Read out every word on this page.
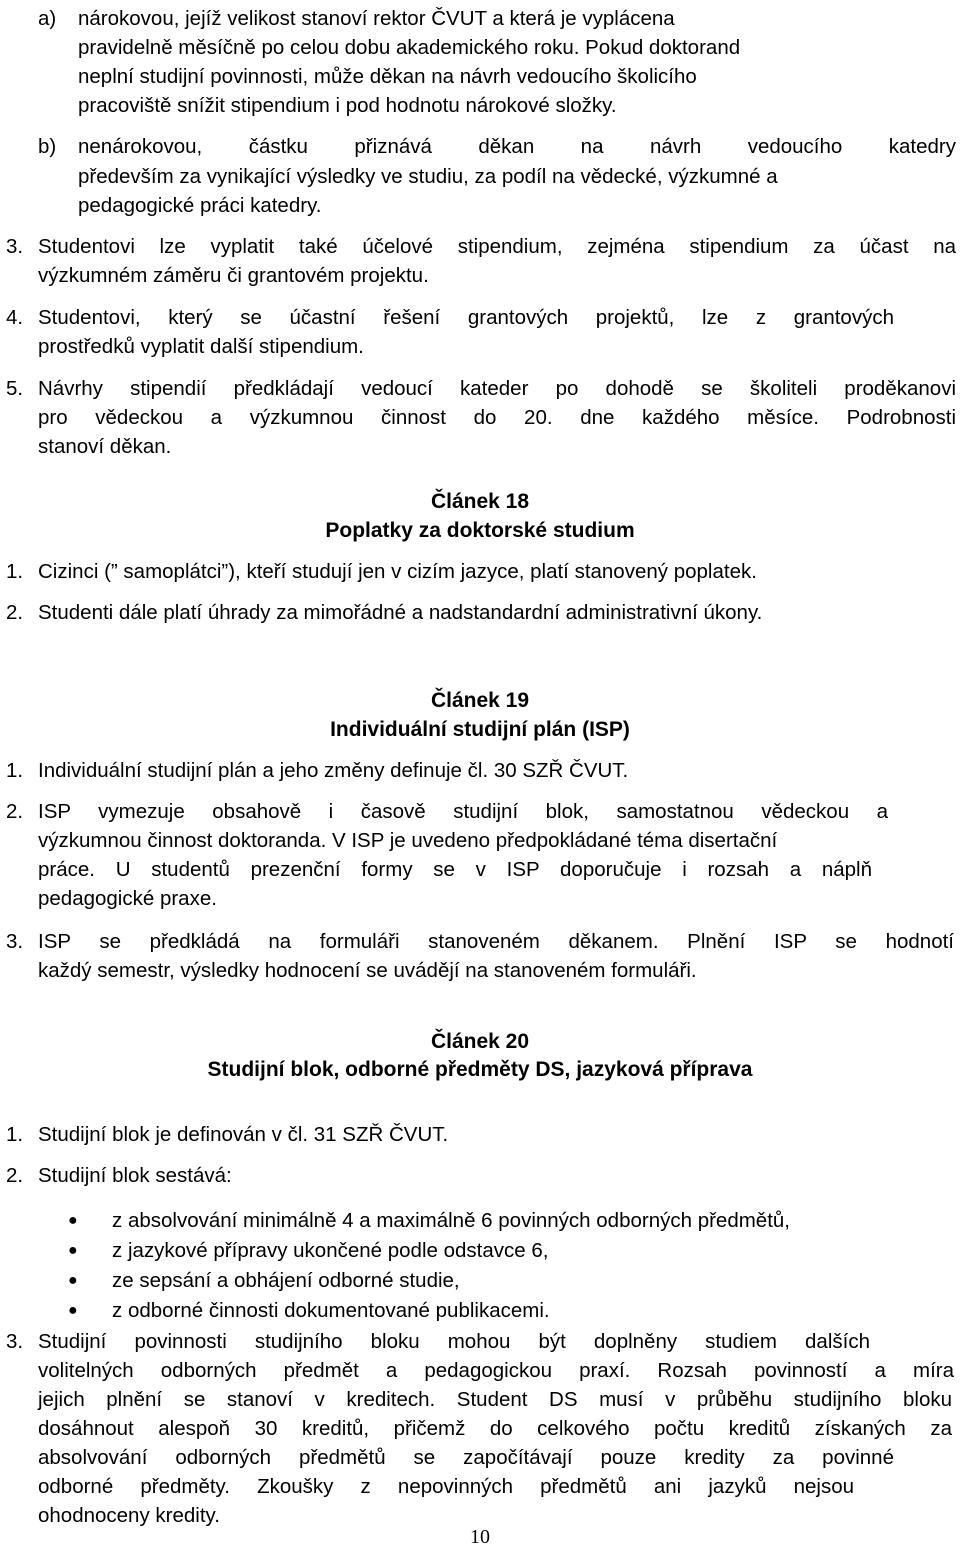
a) nárokovou, jejíž velikost stanoví rektor ČVUT a která je vyplácena
pravidelně měsíčně po celou dobu akademického roku. Pokud doktorand
neplní studijní povinnosti, může děkan na návrh vedoucího školicího
pracoviště snížit stipendium i pod hodnotu nárokové složky.
b) nenárokovou, částku přiznává děkan na návrh vedoucího katedry
především za vynikající výsledky ve studiu, za podíl na vědecké, výzkumné a
pedagogické práci katedry.
3. Studentovi lze vyplatit také účelové stipendium, zejména stipendium za účast na
výzkumném záměru či grantovém projektu.
4. Studentovi, který se účastní řešení grantových projektů, lze z grantových
prostředků vyplatit další stipendium.
5. Návrhy stipendií předkládají vedoucí kateder po dohodě se školiteli proděkanovi
pro vědeckou a výzkumnou činnost do 20. dne každého měsíce. Podrobnosti
stanoví děkan.
Článek 18
Poplatky za doktorské studium
1. Cizinci (” samoplátci”), kteří studují jen v cizím jazyce, platí stanovený poplatek.
2. Studenti dále platí úhrady za mimořádné a nadstandardní administrativní úkony.
Článek 19
Individuální studijní plán (ISP)
1. Individuální studijní plán a jeho změny definuje čl. 30 SZŘ ČVUT.
2. ISP vymezuje obsahově i časově studijní blok, samostatnou vědeckou a
výzkumnou činnost doktoranda. V ISP je uvedeno předpokládané téma disertační
práce. U studentů prezenční formy se v ISP doporučuje i rozsah a náplň
pedagogické praxe.
3. ISP se předkládá na formuláři stanoveném děkanem. Plnění ISP se hodnotí
každý semestr, výsledky hodnocení se uvádějí na stanoveném formuláři.
Článek 20
Studijní blok, odborné předměty DS, jazyková příprava
1. Studijní blok je definován v čl. 31 SZŘ ČVUT.
2. Studijní blok sestává:
● z absolvování minimálně 4 a maximálně 6 povinných odborných předmětů,
● z jazykové přípravy ukončené podle odstavce 6,
● ze sepsání a obhájení odborné studie,
● z odborné činnosti dokumentované publikacemi.
3. Studijní povinnosti studijního bloku mohou být doplněny studiem dalších
volitelných odborných předmět a pedagogickou praxí. Rozsah povinností a míra
jejich plnění se stanoví v kreditech. Student DS musí v průběhu studijního bloku
dosáhnout alespoň 30 kreditů, přičemž do celkového počtu kreditů získaných za
absolvování odborných předmětů se započítávají pouze kredity za povinné
odborné předměty. Zkoušky z nepovinných předmětů ani jazyků nejsou
ohodnoceny kredity.
10
